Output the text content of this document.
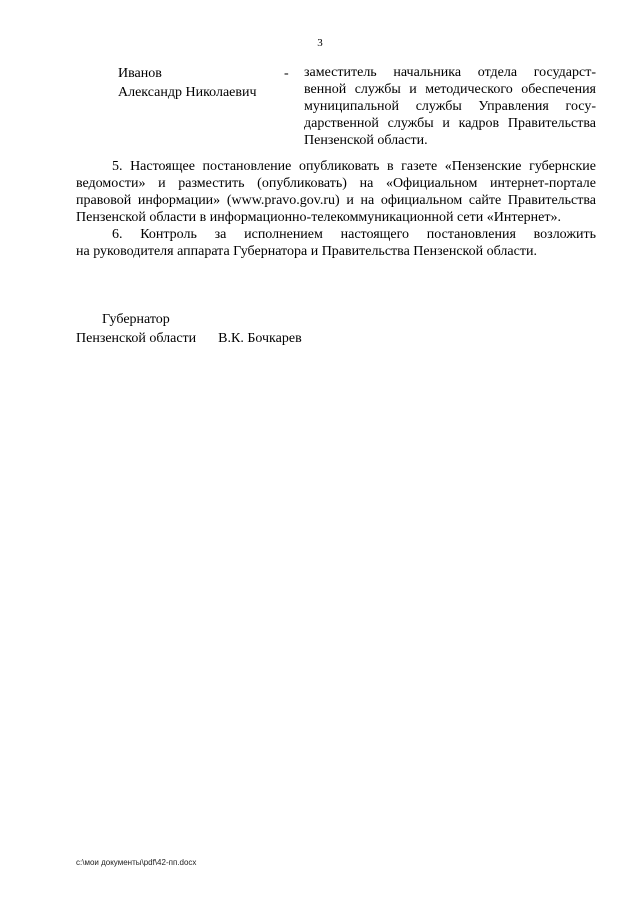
3
Иванов
Александр Николаевич
- заместитель начальника отдела государст-
венной службы и методического обеспечения
муниципальной службы Управления госу-
дарственной службы и кадров Правительства
Пензенской области.
5. Настоящее постановление опубликовать в газете «Пензенские губернские
ведомости» и разместить (опубликовать) на «Официальном интернет-портале
правовой информации» (www.pravo.gov.ru) и на официальном сайте Правительства
Пензенской области в информационно-телекоммуникационной сети «Интернет».
6. Контроль за исполнением настоящего постановления возложить
на руководителя аппарата Губернатора и Правительства Пензенской области.
Губернатор
Пензенской области В.К. Бочкарев
c:\мои документы\pdf\42-пп.docx
